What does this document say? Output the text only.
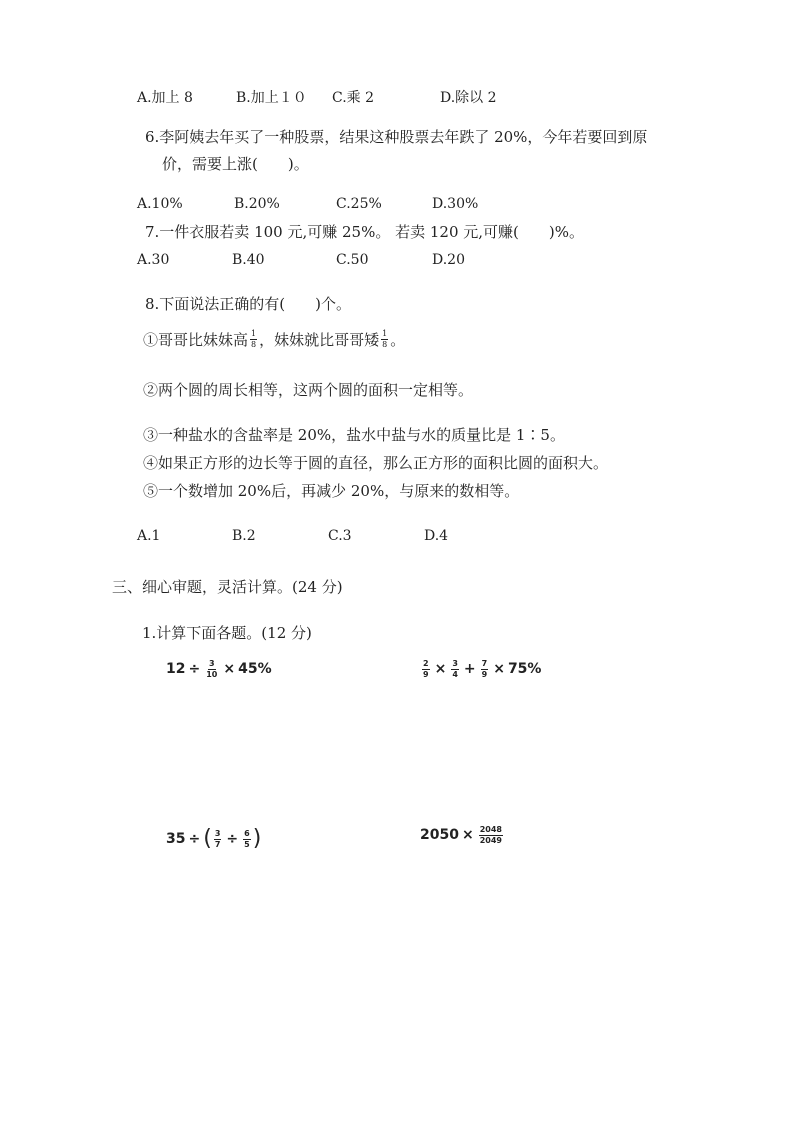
A.加上 8	B.加上１０ C.乘 2	D.除以 2
6.李阿姨去年买了一种股票，结果这种股票去年跌了 20%，今年若要回到原
价，需要上涨(　　)。
A.10%	B.20%	C.25%	D.30%
7.一件衣服若卖 100 元,可赚 25%。 若卖 120 元,可赚(　　)%。
A.30	B.40	C.50	D.20
8.下面说法正确的有(　　)个。
①哥哥比妹妹高 $\frac{1}{8}$ ，妹妹就比哥哥矮 $\frac{1}{8}$ 。
②两个圆的周长相等，这两个圆的面积一定相等。
③一种盐水的含盐率是 20%，盐水中盐与水的质量比是 1∶5。
④如果正方形的边长等于圆的直径，那么正方形的面积比圆的面积大。
⑤一个数增加 20%后，再减少 20%，与原来的数相等。
A.1	B.2	C.3	D.4
三、细心审题，灵活计算。(24 分)
1.计算下面各题。(12 分)
$12 \div \frac{3}{10} \times 45\%$	$\frac{2}{9} \times \frac{3}{4} + \frac{7}{9} \times 75\%$
35 ÷ ( $\frac{3}{7} \div \frac{6}{5}$ )	$2050 \times \frac{2048}{2049}$
